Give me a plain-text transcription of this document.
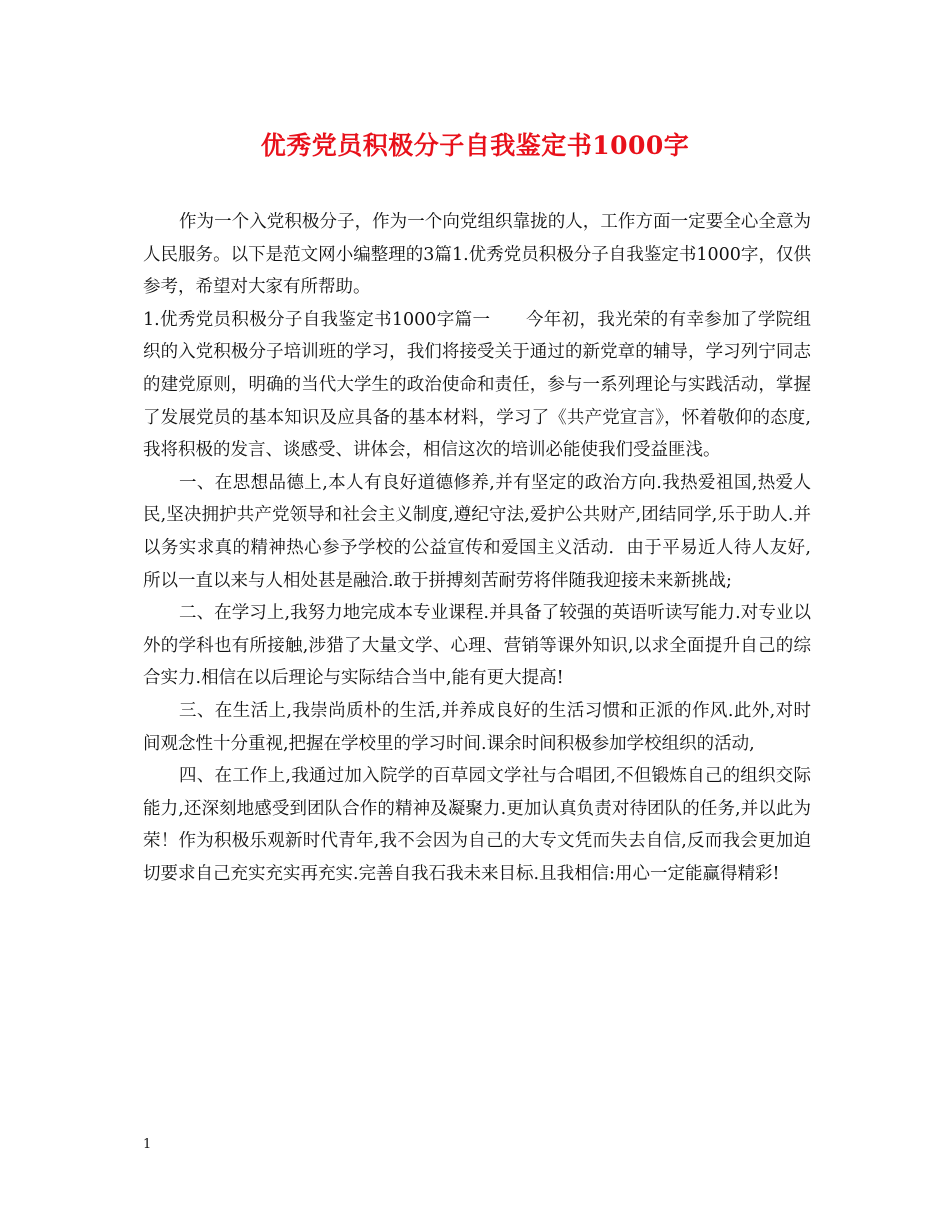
优秀党员积极分子自我鉴定书1000字

作为一个入党积极分子，作为一个向党组织靠拢的人，工作方面一定要全心全意为人民服务。以下是范文网小编整理的3篇1.优秀党员积极分子自我鉴定书1000字，仅供参考，希望对大家有所帮助。

1.优秀党员积极分子自我鉴定书1000字篇一　　今年初，我光荣的有幸参加了学院组织的入党积极分子培训班的学习，我们将接受关于通过的新党章的辅导，学习列宁同志的建党原则，明确的当代大学生的政治使命和责任，参与一系列理论与实践活动，掌握了发展党员的基本知识及应具备的基本材料，学习了《共产党宣言》，怀着敬仰的态度,我将积极的发言、谈感受、讲体会，相信这次的培训必能使我们受益匪浅。

一、在思想品德上,本人有良好道德修养,并有坚定的政治方向.我热爱祖国,热爱人民,坚决拥护共产党领导和社会主义制度,遵纪守法,爱护公共财产,团结同学,乐于助人.并以务实求真的精神热心参予学校的公益宣传和爱国主义活动．由于平易近人待人友好,所以一直以来与人相处甚是融洽.敢于拼搏刻苦耐劳将伴随我迎接未来新挑战;

二、在学习上,我努力地完成本专业课程.并具备了较强的英语听读写能力.对专业以外的学科也有所接触,涉猎了大量文学、心理、营销等课外知识,以求全面提升自己的综合实力.相信在以后理论与实际结合当中,能有更大提高!

三、在生活上,我崇尚质朴的生活,并养成良好的生活习惯和正派的作风.此外,对时间观念性十分重视,把握在学校里的学习时间.课余时间积极参加学校组织的活动,

四、在工作上,我通过加入院学的百草园文学社与合唱团,不但锻炼自己的组织交际能力,还深刻地感受到团队合作的精神及凝聚力.更加认真负责对待团队的任务,并以此为荣！作为积极乐观新时代青年,我不会因为自己的大专文凭而失去自信,反而我会更加迫切要求自己充实充实再充实.完善自我石我未来目标.且我相信:用心一定能赢得精彩!

1
